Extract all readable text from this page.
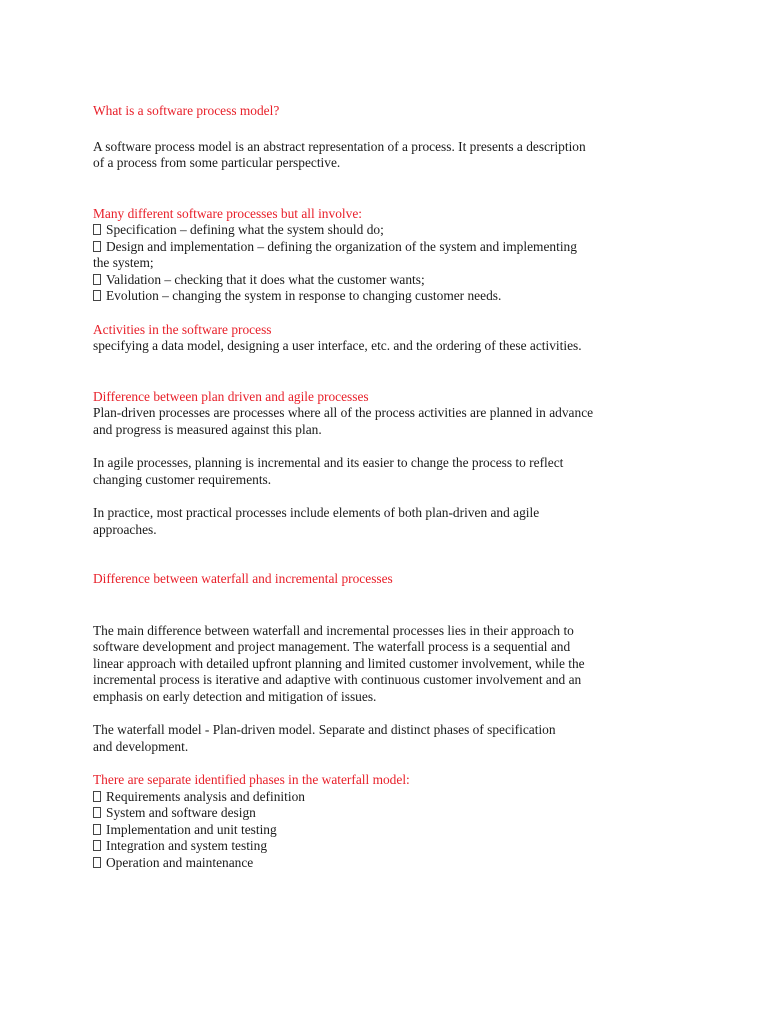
What is a software process model?
A software process model is an abstract representation of a process. It presents a description
of a process from some particular perspective.
Many different software processes but all involve:
Specification – defining what the system should do;
Design and implementation – defining the organization of the system and implementing
the system;
Validation – checking that it does what the customer wants;
Evolution – changing the system in response to changing customer needs.
Activities in the software process
specifying a data model, designing a user interface, etc. and the ordering of these activities.
Difference between plan driven and agile processes
Plan-driven processes are processes where all of the process activities are planned in advance
and progress is measured against this plan.
In agile processes, planning is incremental and its easier to change the process to reflect
changing customer requirements.
In practice, most practical processes include elements of both plan-driven and agile
approaches.
Difference between waterfall and incremental processes
The main difference between waterfall and incremental processes lies in their approach to
software development and project management. The waterfall process is a sequential and
linear approach with detailed upfront planning and limited customer involvement, while the
incremental process is iterative and adaptive with continuous customer involvement and an
emphasis on early detection and mitigation of issues.
The waterfall model - Plan-driven model. Separate and distinct phases of specification
and development.
There are separate identified phases in the waterfall model:
Requirements analysis and definition
System and software design
Implementation and unit testing
Integration and system testing
Operation and maintenance
